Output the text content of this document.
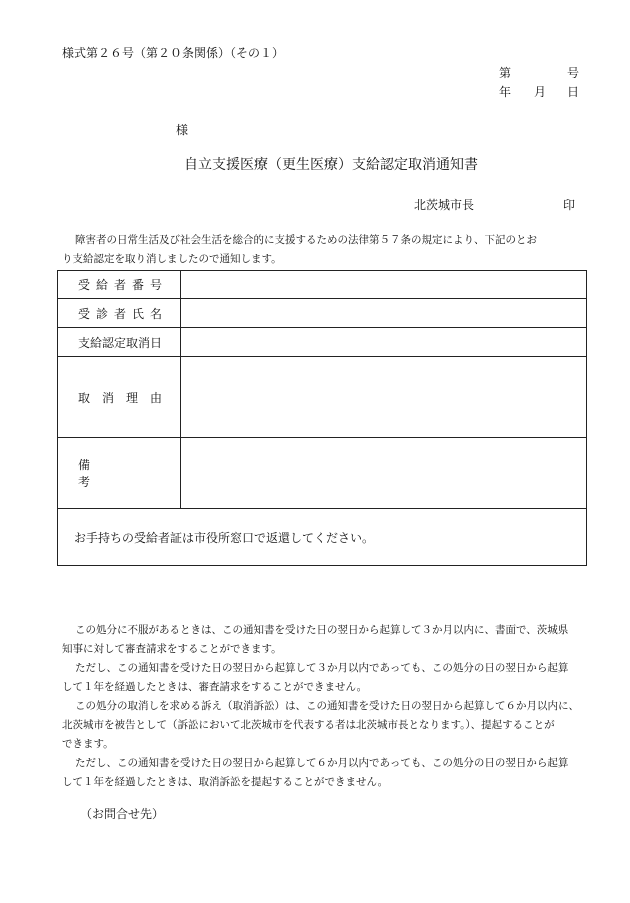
様式第２６号（第２０条関係）（その１）
第	号
年 月 日
様
自立支援医療（更生医療）支給認定取消通知書
北茨城市長	印
障害者の日常生活及び社会生活を総合的に支援するための法律第５７条の規定により、下記のとお
り支給認定を取り消しましたので通知します。
受給者番号	

受診者氏名	

支給認定取消日	

取消理由	

備考	

お手持ちの受給者証は市役所窓口で返還してください。	
この処分に不服があるときは、この通知書を受けた日の翌日から起算して３か月以内に、書面で、茨城県
知事に対して審査請求をすることができます。
ただし、この通知書を受けた日の翌日から起算して３か月以内であっても、この処分の日の翌日から起算
して１年を経過したときは、審査請求をすることができません。
この処分の取消しを求める訴え（取消訴訟）は、この通知書を受けた日の翌日から起算して６か月以内に、
北茨城市を被告として（訴訟において北茨城市を代表する者は北茨城市長となります。）、提起することが
できます。
ただし、この通知書を受けた日の翌日から起算して６か月以内であっても、この処分の日の翌日から起算
して１年を経過したときは、取消訴訟を提起することができません。
（お問合せ先）
